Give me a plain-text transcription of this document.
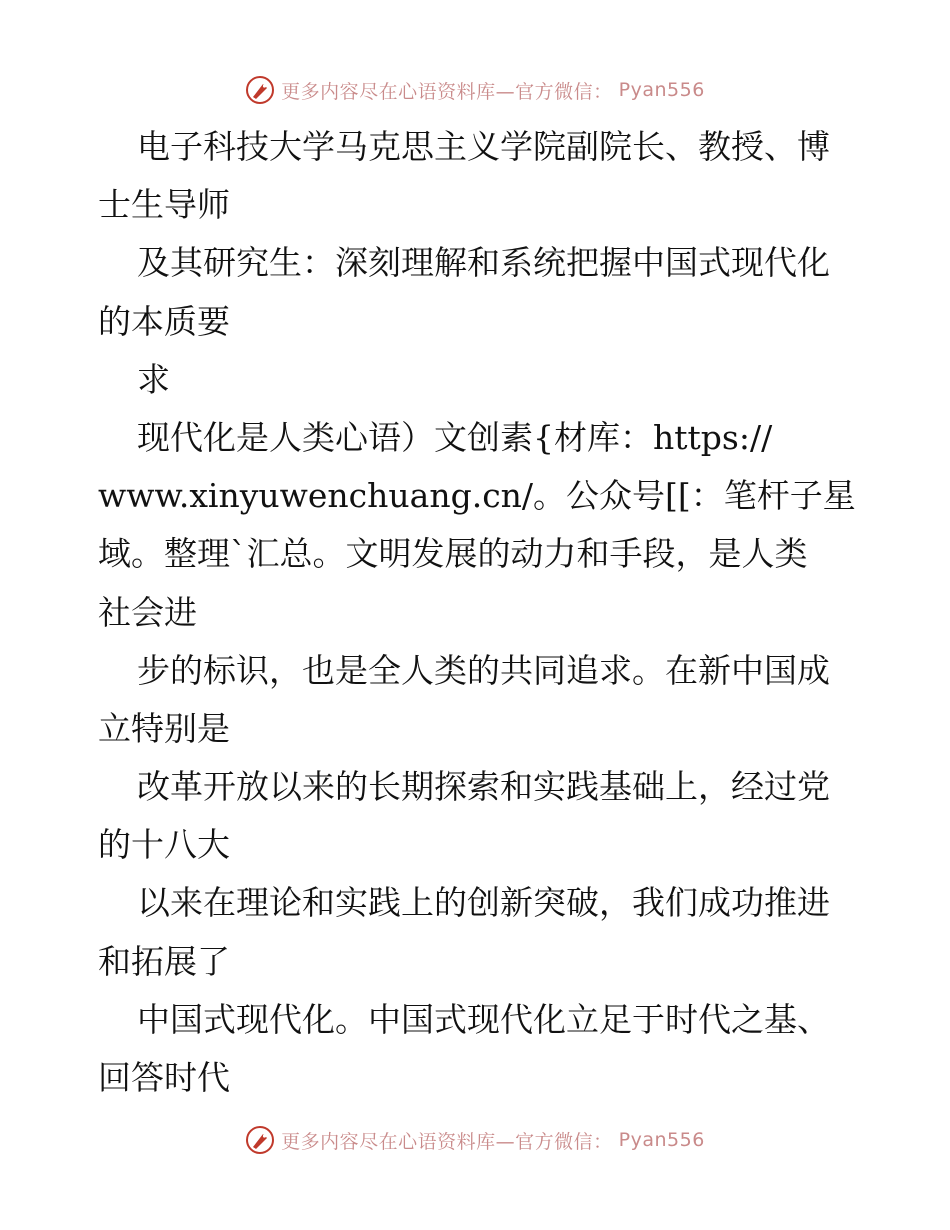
更多内容尽在心语资料库—官方微信： Pyan556
电子科技大学马克思主义学院副院长、教授、博
士生导师
及其研究生：深刻理解和系统把握中国式现代化
的本质要
求
现代化是人类心语）文创素{材库：https://
www.xinyuwenchuang.cn/。公众号[[：笔杆子星
域。整理`汇总。文明发展的动力和手段，是人类
社会进
步的标识，也是全人类的共同追求。在新中国成
立特别是
改革开放以来的长期探索和实践基础上，经过党
的十八大
以来在理论和实践上的创新突破，我们成功推进
和拓展了
中国式现代化。中国式现代化立足于时代之基、
回答时代
更多内容尽在心语资料库—官方微信： Pyan556
